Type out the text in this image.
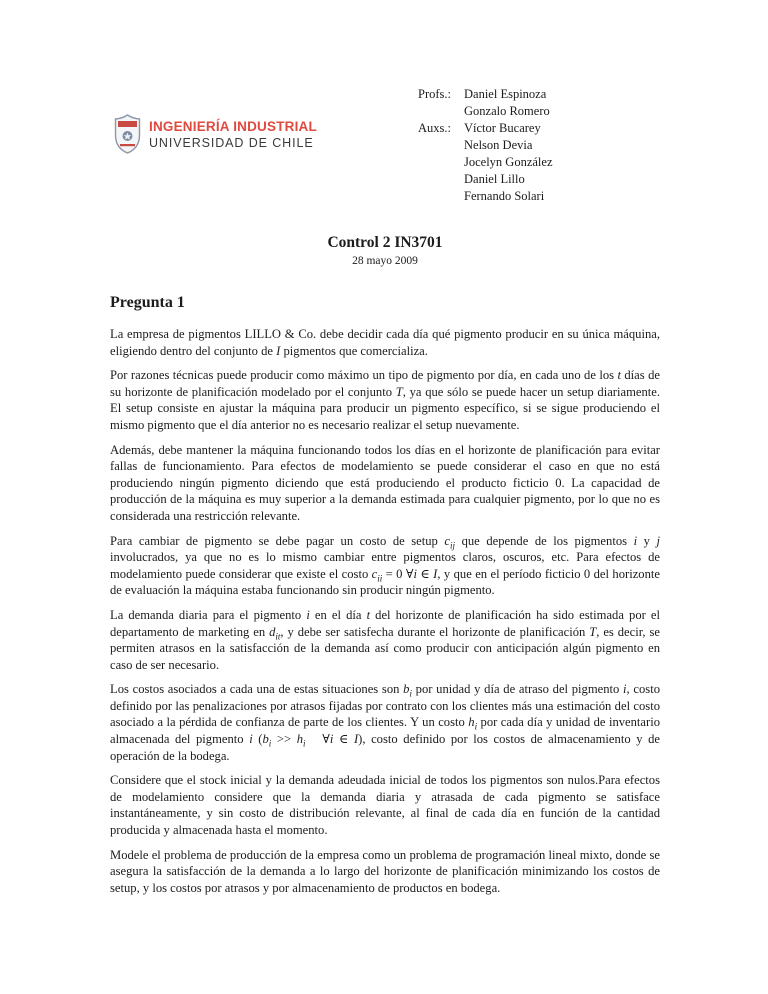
INGENIERÍA INDUSTRIAL
UNIVERSIDAD DE CHILE
Profs.:	Daniel Espinoza
Gonzalo Romero
Auxs.:	Víctor Bucarey
Nelson Devia
Jocelyn González
Daniel Lillo
Fernando Solari
Control 2 IN3701
28 mayo 2009
Pregunta 1

La empresa de pigmentos LILLO & Co. debe decidir cada día qué pigmento producir en su única máquina, eligiendo dentro del conjunto de I pigmentos que comercializa.

Por razones técnicas puede producir como máximo un tipo de pigmento por día, en cada uno de los t días de su horizonte de planificación modelado por el conjunto T, ya que sólo se puede hacer un setup diariamente. El setup consiste en ajustar la máquina para producir un pigmento específico, si se sigue produciendo el mismo pigmento que el día anterior no es necesario realizar el setup nuevamente.

Además, debe mantener la máquina funcionando todos los días en el horizonte de planificación para evitar fallas de funcionamiento. Para efectos de modelamiento se puede considerar el caso en que no está produciendo ningún pigmento diciendo que está produciendo el producto ficticio 0. La capacidad de producción de la máquina es muy superior a la demanda estimada para cualquier pigmento, por lo que no es considerada una restricción relevante.

Para cambiar de pigmento se debe pagar un costo de setup $c_{ij}$ que depende de los pigmentos i y j involucrados, ya que no es lo mismo cambiar entre pigmentos claros, oscuros, etc. Para efectos de modelamiento puede considerar que existe el costo $c_{ii} = 0$ ∀i ∈ I, y que en el período ficticio 0 del horizonte de evaluación la máquina estaba funcionando sin producir ningún pigmento.

La demanda diaria para el pigmento i en el día t del horizonte de planificación ha sido estimada por el departamento de marketing en $d_{it}$, y debe ser satisfecha durante el horizonte de planificación T, es decir, se permiten atrasos en la satisfacción de la demanda así como producir con anticipación algún pigmento en caso de ser necesario.

Los costos asociados a cada una de estas situaciones son $b_i$ por unidad y día de atraso del pigmento i, costo definido por las penalizaciones por atrasos fijadas por contrato con los clientes más una estimación del costo asociado a la pérdida de confianza de parte de los clientes. Y un costo $h_i$ por cada día y unidad de inventario almacenada del pigmento i ($b_i >> h_i$   ∀i ∈ I), costo definido por los costos de almacenamiento y de operación de la bodega.

Considere que el stock inicial y la demanda adeudada inicial de todos los pigmentos son nulos.Para efectos de modelamiento considere que la demanda diaria y atrasada de cada pigmento se satisface instantáneamente, y sin costo de distribución relevante, al final de cada día en función de la cantidad producida y almacenada hasta el momento.

Modele el problema de producción de la empresa como un problema de programación lineal mixto, donde se asegura la satisfacción de la demanda a lo largo del horizonte de planificación minimizando los costos de setup, y los costos por atrasos y por almacenamiento de productos en bodega.
